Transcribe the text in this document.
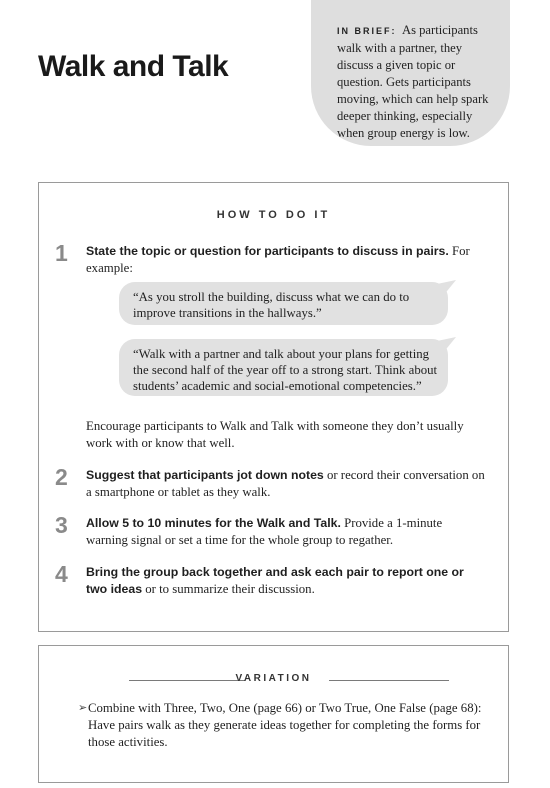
Walk and Talk
IN BRIEF: As participants walk with a partner, they discuss a given topic or question. Gets participants moving, which can help spark deeper thinking, especially when group energy is low.
HOW TO DO IT
1	State the topic or question for participants to discuss in pairs. For example:
“As you stroll the building, discuss what we can do to improve transitions in the hallways.”
“Walk with a partner and talk about your plans for getting the second half of the year off to a strong start. Think about students’ academic and social-emotional competencies.”
Encourage participants to Walk and Talk with someone they don’t usually work with or know that well.
2	Suggest that participants jot down notes or record their conversation on a smartphone or tablet as they walk.
3	Allow 5 to 10 minutes for the Walk and Talk. Provide a 1-minute warning signal or set a time for the whole group to regather.
4	Bring the group back together and ask each pair to report one or two ideas or to summarize their discussion.
VARIATION
➢ Combine with Three, Two, One (page 66) or Two True, One False (page 68): Have pairs walk as they generate ideas together for completing the forms for those activities.
